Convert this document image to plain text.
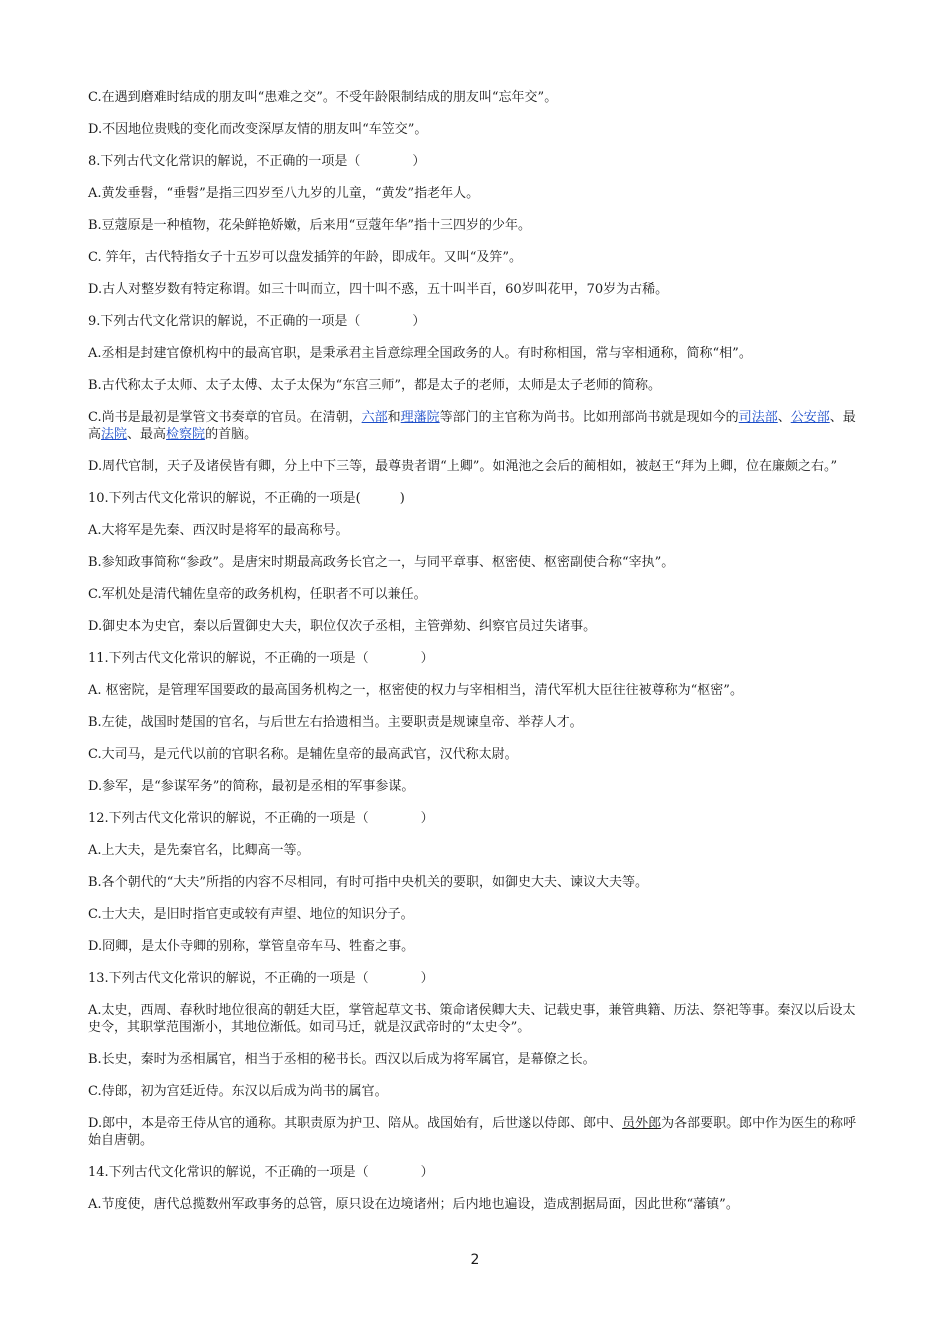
C.在遇到磨难时结成的朋友叫“患难之交”。不受年龄限制结成的朋友叫“忘年交”。

D.不因地位贵贱的变化而改变深厚友情的朋友叫“车笠交”。

8.下列古代文化常识的解说，不正确的一项是（　　　　）

A.黄发垂髫，“垂髫”是指三四岁至八九岁的儿童，“黄发”指老年人。

B.豆蔻原是一种植物，花朵鲜艳娇嫩，后来用“豆蔻年华”指十三四岁的少年。

C. 笄年，古代特指女子十五岁可以盘发插笄的年龄，即成年。又叫“及笄”。

D.古人对整岁数有特定称谓。如三十叫而立，四十叫不惑，五十叫半百，60岁叫花甲，70岁为古稀。

9.下列古代文化常识的解说，不正确的一项是（　　　　）

A.丞相是封建官僚机构中的最高官职，是秉承君主旨意综理全国政务的人。有时称相国，常与宰相通称，简称“相”。

B.古代称太子太师、太子太傅、太子太保为“东宫三师”，都是太子的老师，太师是太子老师的简称。

C.尚书是最初是掌管文书奏章的官员。在清朝，六部和理藩院等部门的主官称为尚书。比如刑部尚书就是现如今的司法部、公安部、最高法院、最高检察院的首脑。

D.周代官制，天子及诸侯皆有卿，分上中下三等，最尊贵者谓“上卿”。如渑池之会后的蔺相如，被赵王“拜为上卿，位在廉颇之右。”

10.下列古代文化常识的解说，不正确的一项是(　　　)

A.大将军是先秦、西汉时是将军的最高称号。

B.参知政事简称“参政”。是唐宋时期最高政务长官之一，与同平章事、枢密使、枢密副使合称“宰执”。

C.军机处是清代辅佐皇帝的政务机构，任职者不可以兼任。

D.御史本为史官，秦以后置御史大夫，职位仅次子丞相，主管弹劾、纠察官员过失诸事。

11.下列古代文化常识的解说，不正确的一项是（　　　　）

A. 枢密院，是管理军国要政的最高国务机构之一，枢密使的权力与宰相相当，清代军机大臣往往被尊称为“枢密”。

B.左徒，战国时楚国的官名，与后世左右拾遗相当。主要职责是规谏皇帝、举荐人才。

C.大司马，是元代以前的官职名称。是辅佐皇帝的最高武官，汉代称太尉。

D.参军，是“参谋军务”的简称，最初是丞相的军事参谋。

12.下列古代文化常识的解说，不正确的一项是（　　　　）

A.上大夫，是先秦官名，比卿高一等。

B.各个朝代的“大夫”所指的内容不尽相同，有时可指中央机关的要职，如御史大夫、谏议大夫等。

C.士大夫，是旧时指官吏或较有声望、地位的知识分子。

D.冏卿，是太仆寺卿的别称，掌管皇帝车马、牲畜之事。

13.下列古代文化常识的解说，不正确的一项是（　　　　）

A.太史，西周、春秋时地位很高的朝廷大臣，掌管起草文书、策命诸侯卿大夫、记载史事，兼管典籍、历法、祭祀等事。秦汉以后设太史令，其职掌范围渐小，其地位渐低。如司马迁，就是汉武帝时的“太史令”。

B.长史，秦时为丞相属官，相当于丞相的秘书长。西汉以后成为将军属官，是幕僚之长。

C.侍郎，初为宫廷近侍。东汉以后成为尚书的属官。

D.郎中，本是帝王侍从官的通称。其职责原为护卫、陪从。战国始有，后世遂以侍郎、郎中、员外郎为各部要职。郎中作为医生的称呼始自唐朝。

14.下列古代文化常识的解说，不正确的一项是（　　　　）

A.节度使，唐代总揽数州军政事务的总管，原只设在边境诸州；后内地也遍设，造成割据局面，因此世称“藩镇”。

2
